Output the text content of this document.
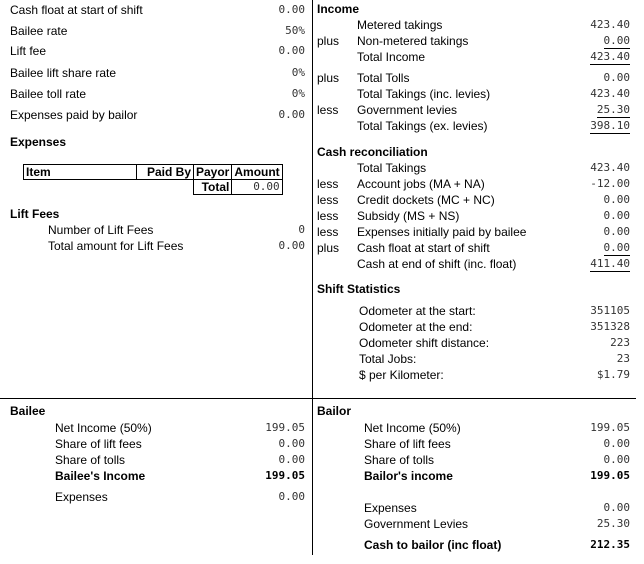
Cash float at start of shift	0.00
Bailee rate	50%
Lift fee	0.00
Bailee lift share rate	0%
Bailee toll rate	0%
Expenses paid by bailor	0.00
Expenses
Item	Paid By	Payor	Amount
		Total	0.00
Lift Fees
Number of Lift Fees	0
Total amount for Lift Fees	0.00
Income
Metered takings	423.40
plus Non-metered takings	0.00
Total Income	423.40
plus Total Tolls	0.00
Total Takings (inc. levies)	423.40
less Government levies	25.30
Total Takings (ex. levies)	398.10
Cash reconciliation
Total Takings	423.40
less Account jobs (MA + NA)	-12.00
less Credit dockets (MC + NC)	0.00
less Subsidy (MS + NS)	0.00
less Expenses initially paid by bailee	0.00
plus Cash float at start of shift	0.00
Cash at end of shift (inc. float)	411.40
Shift Statistics
Odometer at the start:	351105
Odometer at the end:	351328
Odometer shift distance:	223
Total Jobs:	23
$ per Kilometer:	$1.79
Bailee
Net Income (50%)	199.05
Share of lift fees	0.00
Share of tolls	0.00
Bailee's Income	199.05
Expenses	0.00
Bailor
Net Income (50%)	199.05
Share of lift fees	0.00
Share of tolls	0.00
Bailor's income	199.05
Expenses	0.00
Government Levies	25.30
Cash to bailor (inc float)	212.35
